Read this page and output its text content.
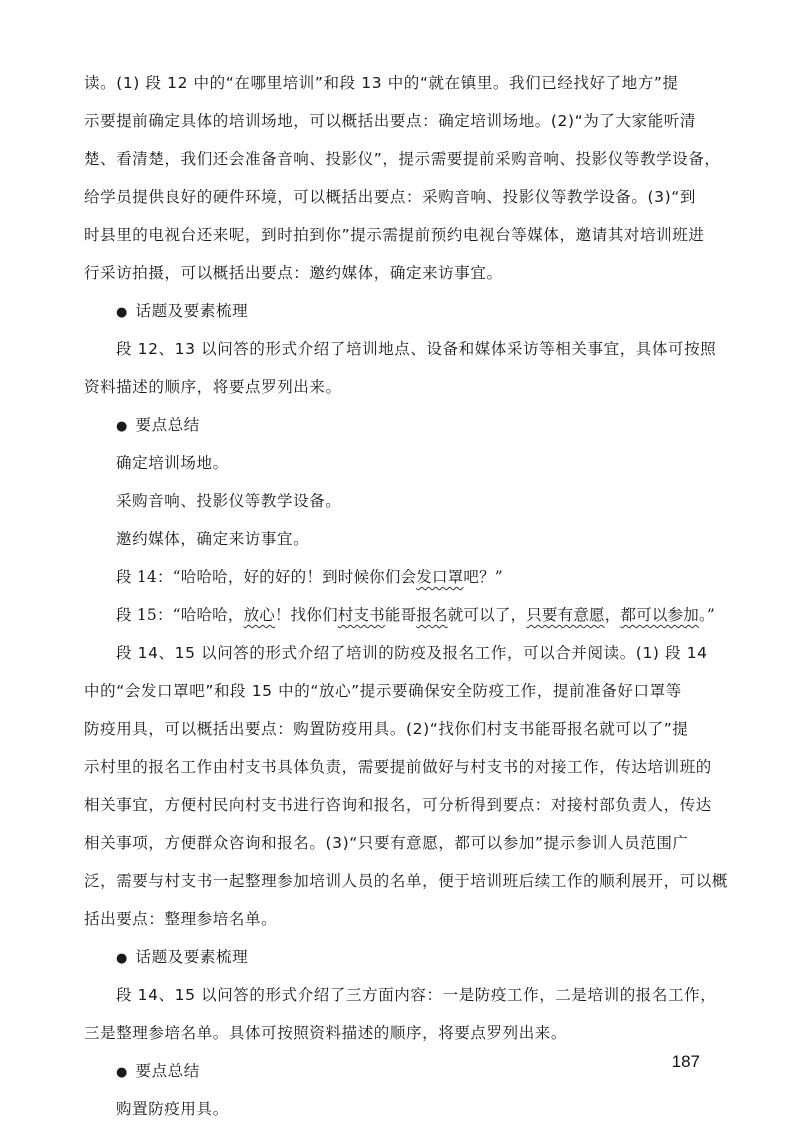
读。(1) 段 12 中的“在哪里培训”和段 13 中的“就在镇里。我们已经找好了地方”提
示要提前确定具体的培训场地，可以概括出要点：确定培训场地。(2)“为了大家能听清
楚、看清楚，我们还会准备音响、投影仪”，提示需要提前采购音响、投影仪等教学设备，
给学员提供良好的硬件环境，可以概括出要点：采购音响、投影仪等教学设备。(3)“到
时县里的电视台还来呢，到时拍到你”提示需提前预约电视台等媒体，邀请其对培训班进
行采访拍摄，可以概括出要点：邀约媒体，确定来访事宜。
● 话题及要素梳理
段 12、13 以问答的形式介绍了培训地点、设备和媒体采访等相关事宜，具体可按照
资料描述的顺序，将要点罗列出来。
● 要点总结
确定培训场地。
采购音响、投影仪等教学设备。
邀约媒体，确定来访事宜。
段 14：“哈哈哈，好的好的！到时候你们会发口罩吧？”
段 15：“哈哈哈，放心！找你们村支书能哥报名就可以了，只要有意愿，都可以参加。”
段 14、15 以问答的形式介绍了培训的防疫及报名工作，可以合并阅读。(1) 段 14
中的“会发口罩吧”和段 15 中的“放心”提示要确保安全防疫工作，提前准备好口罩等
防疫用具，可以概括出要点：购置防疫用具。(2)“找你们村支书能哥报名就可以了”提
示村里的报名工作由村支书具体负责，需要提前做好与村支书的对接工作，传达培训班的
相关事宜，方便村民向村支书进行咨询和报名，可分析得到要点：对接村部负责人，传达
相关事项，方便群众咨询和报名。(3)“只要有意愿，都可以参加”提示参训人员范围广
泛，需要与村支书一起整理参加培训人员的名单，便于培训班后续工作的顺利展开，可以概
括出要点：整理参培名单。
● 话题及要素梳理
段 14、15 以问答的形式介绍了三方面内容：一是防疫工作，二是培训的报名工作，
三是整理参培名单。具体可按照资料描述的顺序，将要点罗列出来。
● 要点总结
购置防疫用具。
187
